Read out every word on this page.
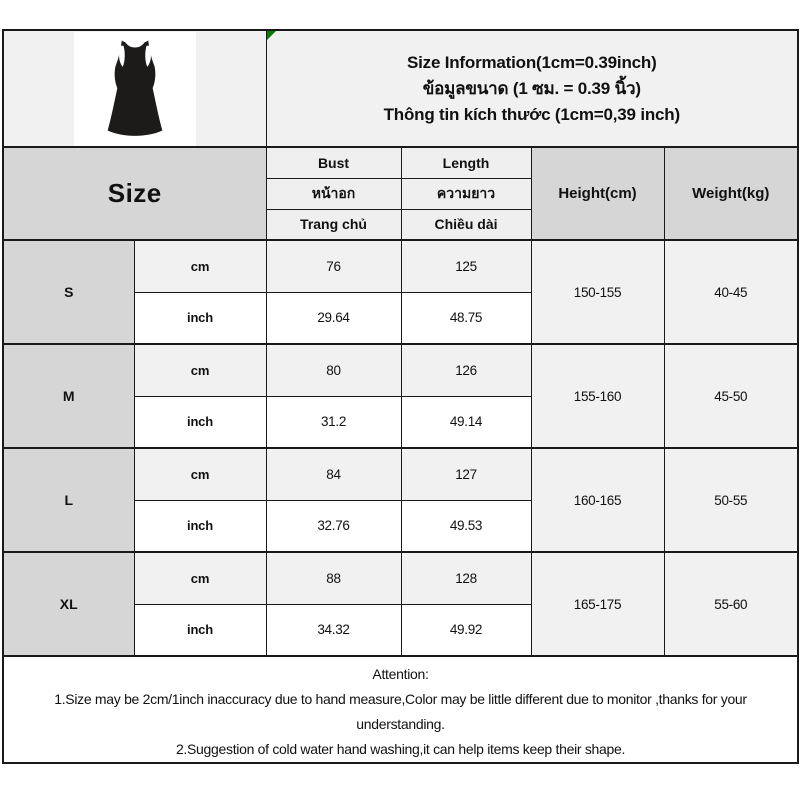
Size Information(1cm=0.39inch)
ข้อมูลขนาด (1 ซม. = 0.39 นิ้ว)
Thông tin kích thước (1cm=0,39 inch)			

Size		Bust	Length	Height(cm)	Weight(kg)
		หน้าอก	ความยาว		
		Trang chủ	Chiều dài		
S	cm	76	125	150-155	40-45
	inch	29.64	48.75		
M	cm	80	126	155-160	45-50
	inch	31.2	49.14		
L	cm	84	127	160-165	50-55
	inch	32.76	49.53		
XL	cm	88	128	165-175	55-60
	inch	34.32	49.92		

Attention:
1.Size may be 2cm/1inch inaccuracy due to hand measure,Color may be little different due to monitor ,thanks for your understanding.
2.Suggestion of cold water hand washing,it can help items keep their shape.					
